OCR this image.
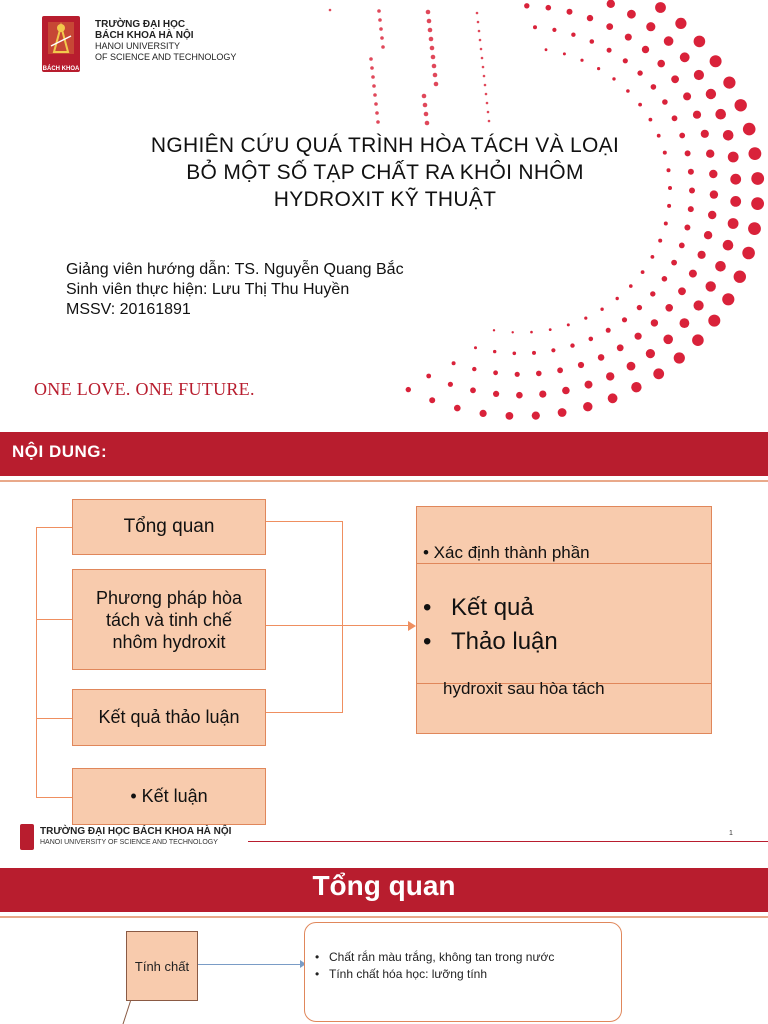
BÁCH KHOA
TRƯỜNG ĐẠI HỌC
BÁCH KHOA HÀ NỘI
HANOI UNIVERSITY
OF SCIENCE AND TECHNOLOGY
NGHIÊN CỨU QUÁ TRÌNH HÒA TÁCH VÀ LOẠI
BỎ MỘT SỐ TẠP CHẤT RA KHỎI NHÔM
HYDROXIT KỸ THUẬT
Giảng viên hướng dẫn: TS. Nguyễn Quang Bắc
Sinh viên thực hiện: Lưu Thị Thu Huyền
MSSV: 20161891
ONE LOVE. ONE FUTURE.
NỘI DUNG:
Tổng quan
Phương pháp hòa tách và tinh chế nhôm hydroxit
Kết quả thảo luận
• Kết luận
• Xác định thành phần
• Kết quả
• Thảo luận
hydroxit sau hòa tách
TRƯỜNG ĐẠI HỌC BÁCH KHOA HÀ NỘI
HANOI UNIVERSITY OF SCIENCE AND TECHNOLOGY
1
Tổng quan
Tính chất
• Chất rắn màu trắng, không tan trong nước
• Tính chất hóa học: lưỡng tính
